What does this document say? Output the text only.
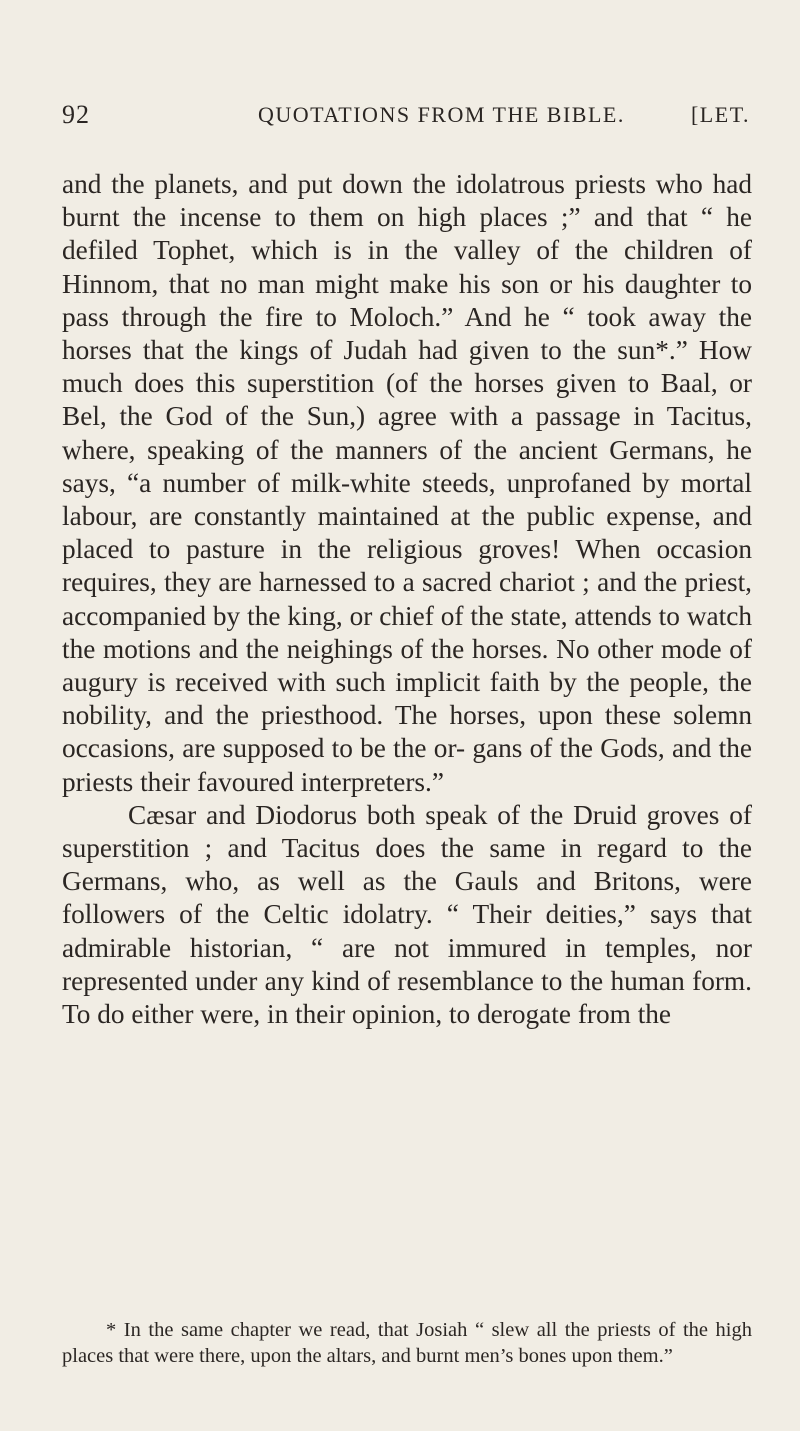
92	QUOTATIONS FROM THE BIBLE.	[LET.

and the planets, and put down the idolatrous priests who had burnt the incense to them on high places ;” and that “ he defiled Tophet, which is in the valley of the children of Hinnom, that no man might make his son or his daughter to pass through the fire to Moloch.” And he “ took away the horses that the kings of Judah had given to the sun*.” How much does this superstition (of the horses given to Baal, or Bel, the God of the Sun,) agree with a passage in Tacitus, where, speaking of the manners of the ancient Germans, he says, “a number of milk-white steeds, unprofaned by mortal labour, are constantly maintained at the public expense, and placed to pasture in the religious groves! When occasion requires, they are harnessed to a sacred chariot ; and the priest, accompanied by the king, or chief of the state, attends to watch the motions and the neighings of the horses. No other mode of augury is received with such implicit faith by the people, the nobility, and the priesthood. The horses, upon these solemn occasions, are supposed to be the or- gans of the Gods, and the priests their favoured interpreters.”

Cæsar and Diodorus both speak of the Druid groves of superstition ; and Tacitus does the same in regard to the Germans, who, as well as the Gauls and Britons, were followers of the Celtic idolatry. “ Their deities,” says that admirable historian, “ are not immured in temples, nor represented under any kind of resemblance to the human form. To do either were, in their opinion, to derogate from the

* In the same chapter we read, that Josiah “ slew all the priests of the high places that were there, upon the altars, and burnt men’s bones upon them.”
